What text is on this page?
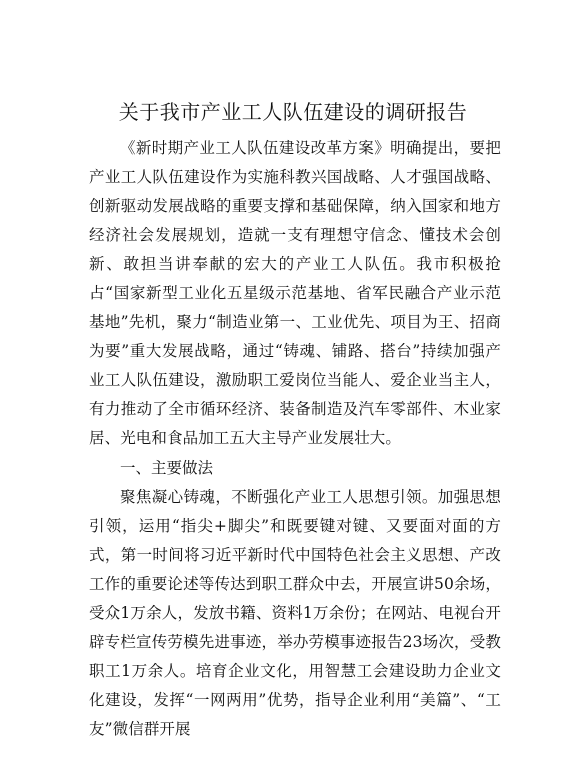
关于我市产业工人队伍建设的调研报告

《新时期产业工人队伍建设改革方案》明确提出，要把产业工人队伍建设作为实施科教兴国战略、人才强国战略、创新驱动发展战略的重要支撑和基础保障，纳入国家和地方经济社会发展规划，造就一支有理想守信念、懂技术会创新、敢担当讲奉献的宏大的产业工人队伍。我市积极抢占“国家新型工业化五星级示范基地、省军民融合产业示范基地”先机，聚力“制造业第一、工业优先、项目为王、招商为要”重大发展战略，通过“铸魂、铺路、搭台”持续加强产业工人队伍建设，激励职工爱岗位当能人、爱企业当主人，有力推动了全市循环经济、装备制造及汽车零部件、木业家居、光电和食品加工五大主导产业发展壮大。

一、主要做法

聚焦凝心铸魂，不断强化产业工人思想引领。加强思想引领，运用“指尖+脚尖”和既要键对键、又要面对面的方式，第一时间将习近平新时代中国特色社会主义思想、产改工作的重要论述等传达到职工群众中去，开展宣讲50余场，受众1万余人，发放书籍、资料1万余份；在网站、电视台开辟专栏宣传劳模先进事迹，举办劳模事迹报告23场次，受教职工1万余人。培育企业文化，用智慧工会建设助力企业文化建设，发挥“一网两用”优势，指导企业利用“美篇”、“工友”微信群开展
